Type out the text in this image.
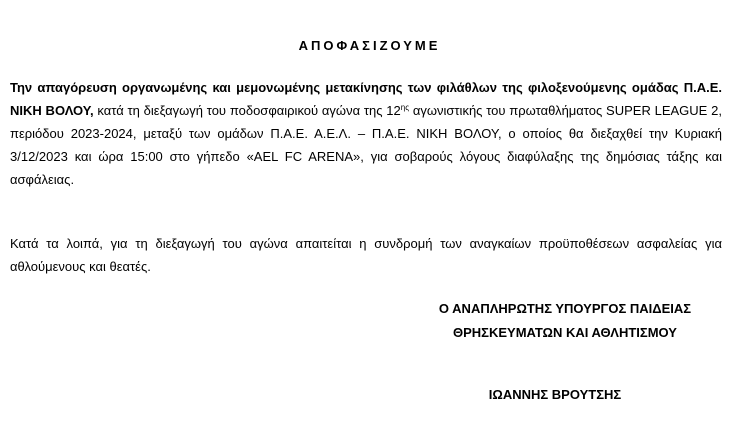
ΑΠΟΦΑΣΙΖΟΥΜΕ

Την απαγόρευση οργανωμένης και μεμονωμένης μετακίνησης των φιλάθλων της φιλοξενούμενης ομάδας Π.Α.Ε. ΝΙΚΗ ΒΟΛΟΥ, κατά τη διεξαγωγή του ποδοσφαιρικού αγώνα της $12^{\eta\varsigma}$ αγωνιστικής του πρωταθλήματος SUPER LEAGUE 2, περιόδου 2023-2024, μεταξύ των ομάδων Π.Α.Ε. Α.Ε.Λ. – Π.Α.Ε. ΝΙΚΗ ΒΟΛΟΥ, ο οποίος θα διεξαχθεί την Κυριακή 3/12/2023 και ώρα 15:00 στο γήπεδο «AEL FC ARENA», για σοβαρούς λόγους διαφύλαξης της δημόσιας τάξης και ασφάλειας.

Κατά τα λοιπά, για τη διεξαγωγή του αγώνα απαιτείται η συνδρομή των αναγκαίων προϋποθέσεων ασφαλείας για αθλούμενους και θεατές.

Ο ΑΝΑΠΛΗΡΩΤΗΣ ΥΠΟΥΡΓΟΣ ΠΑΙΔΕΙΑΣ
ΘΡΗΣΚΕΥΜΑΤΩΝ ΚΑΙ ΑΘΛΗΤΙΣΜΟΥ
ΙΩΑΝΝΗΣ ΒΡΟΥΤΣΗΣ
